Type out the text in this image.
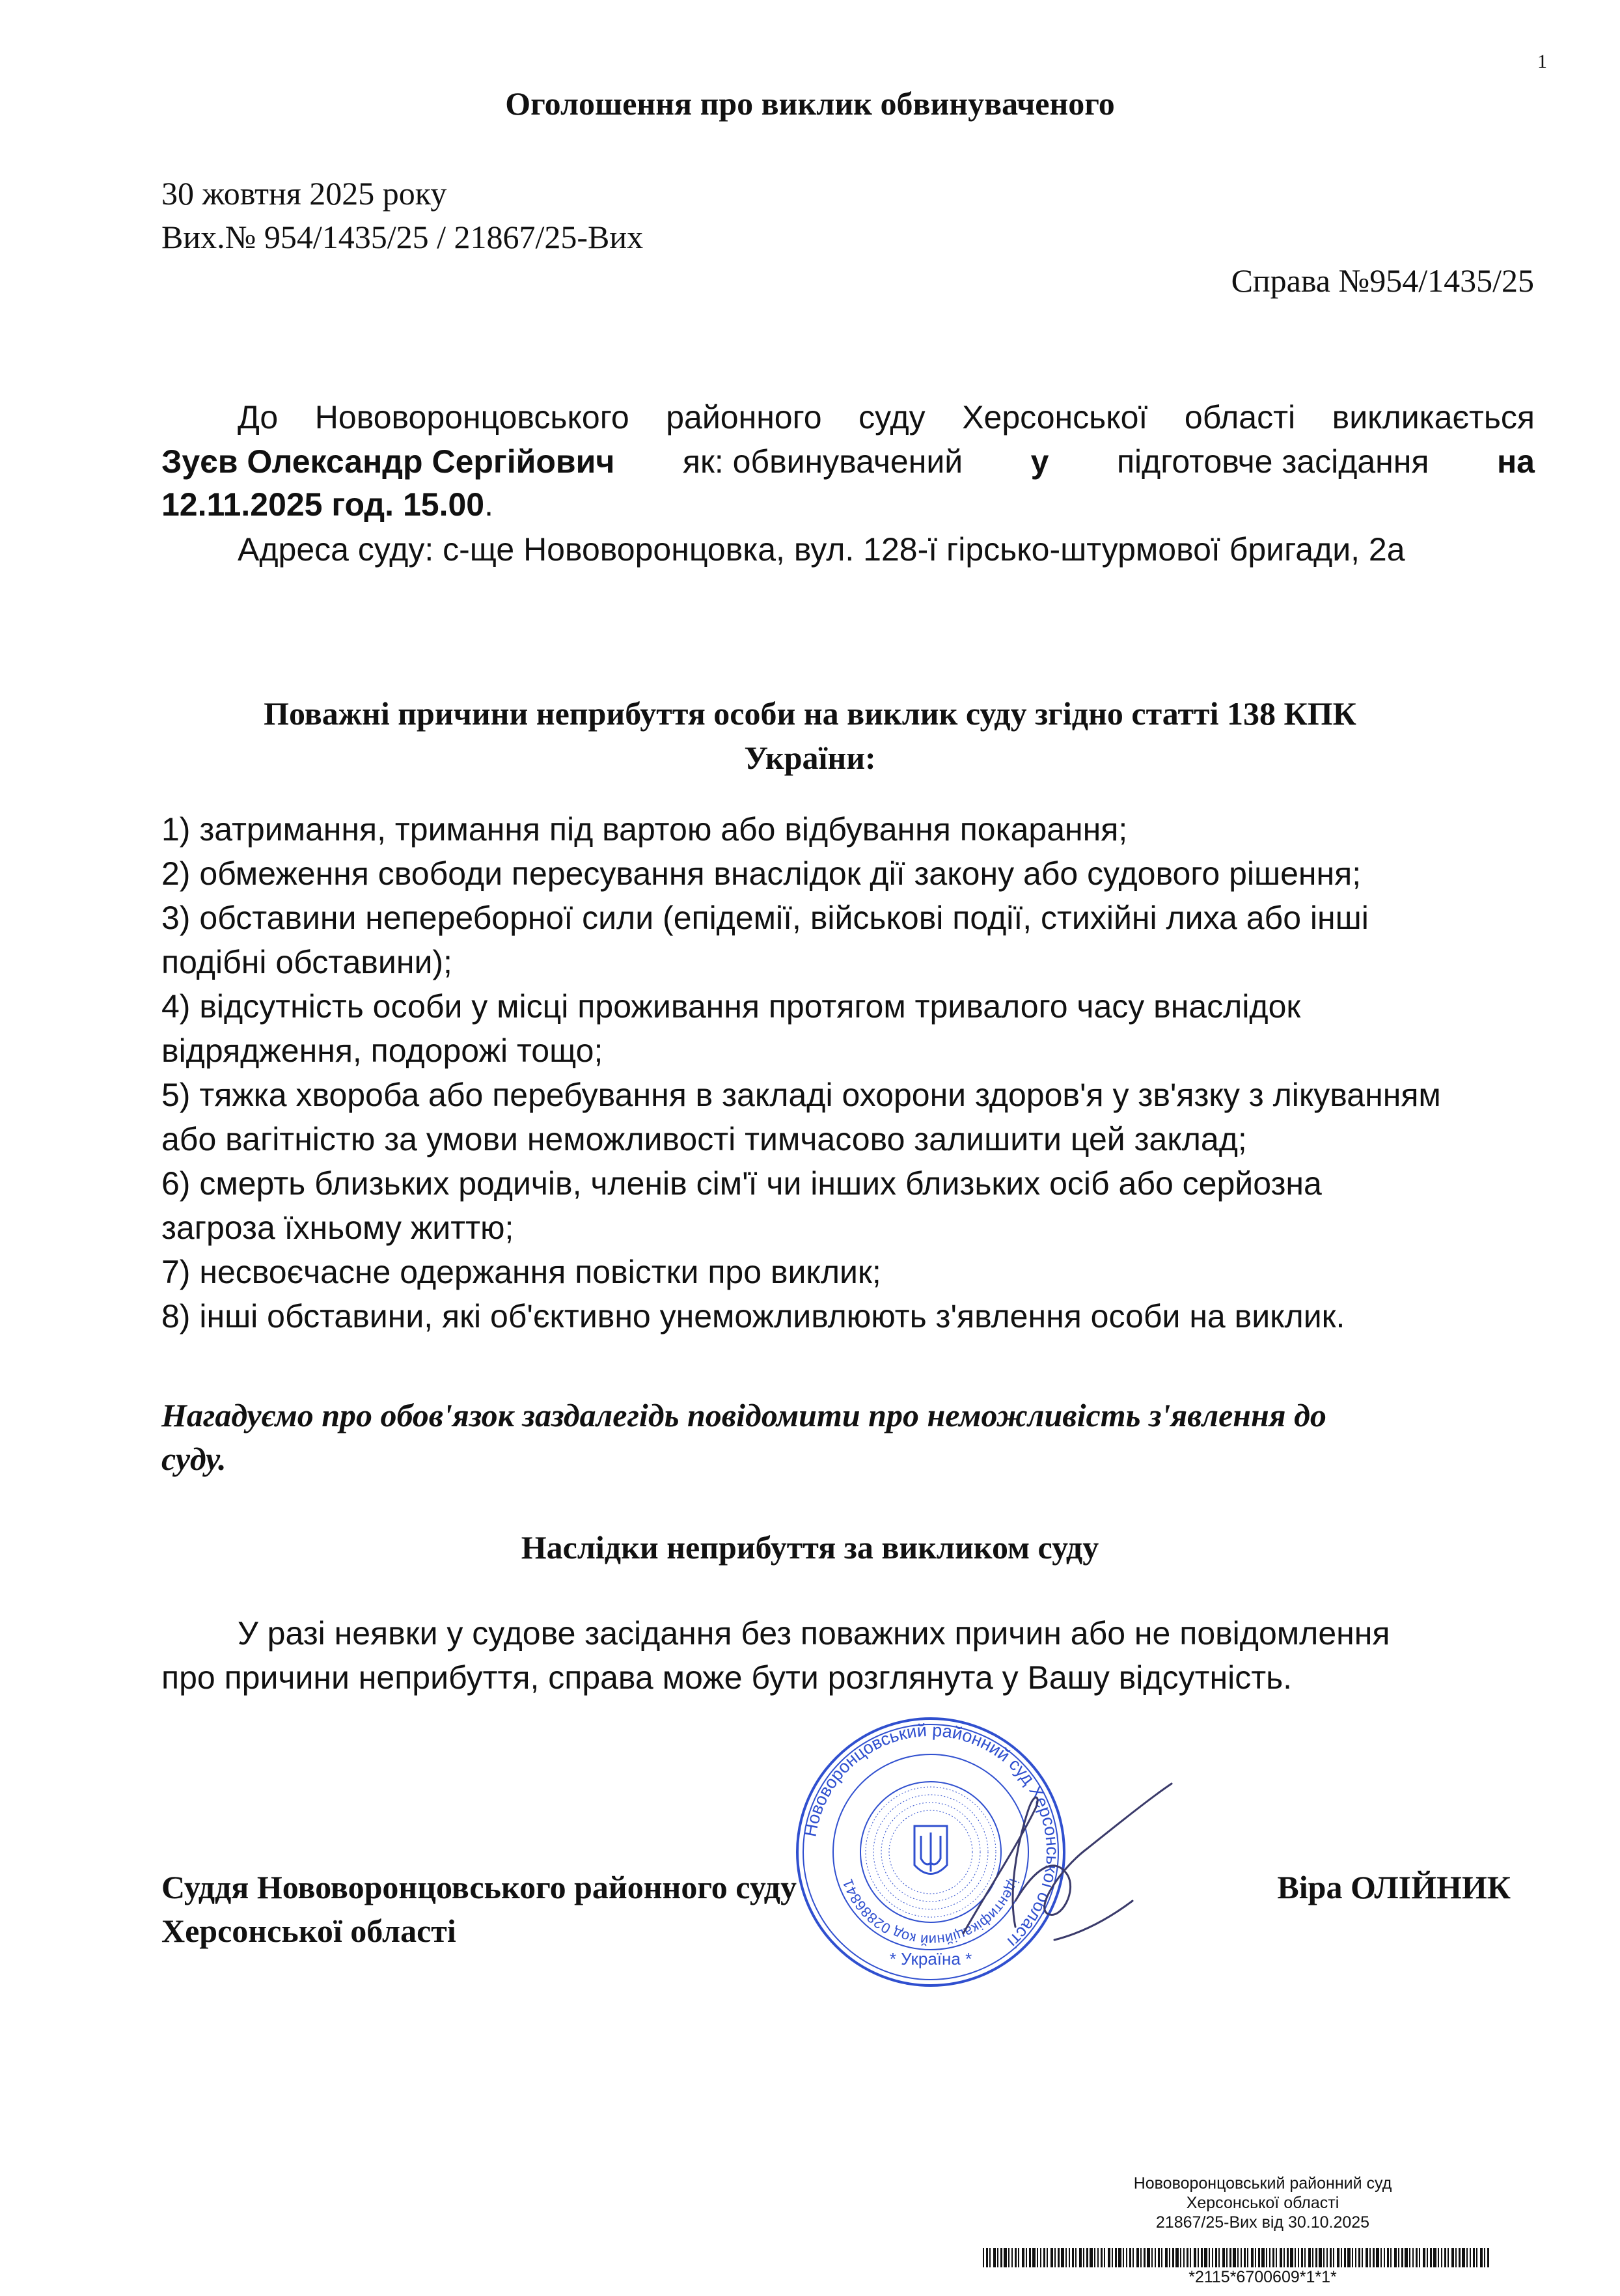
1
Оголошення про виклик обвинуваченого
30 жовтня 2025 року
Вих.№ 954/1435/25 / 21867/25-Вих
Справа №954/1435/25
До Нововоронцовського районного суду Херсонської області викликається
Зуєв Олександр Сергійович як: обвинувачений у підготовче засідання на
12.11.2025 год. 15.00.
Адреса суду: с-ще Нововоронцовка, вул. 128-ї гірсько-штурмової бригади, 2а
Поважні причини неприбуття особи на виклик суду згідно статті 138 КПК
України:
1) затримання, тримання під вартою або відбування покарання;
2) обмеження свободи пересування внаслідок дії закону або судового рішення;
3) обставини непереборної сили (епідемії, військові події, стихійні лиха або інші
подібні обставини);
4) відсутність особи у місці проживання протягом тривалого часу внаслідок
відрядження, подорожі тощо;
5) тяжка хвороба або перебування в закладі охорони здоров'я у зв'язку з лікуванням
або вагітністю за умови неможливості тимчасово залишити цей заклад;
6) смерть близьких родичів, членів сім'ї чи інших близьких осіб або серйозна
загроза їхньому життю;
7) несвоєчасне одержання повістки про виклик;
8) інші обставини, які об'єктивно унеможливлюють з'явлення особи на виклик.
Нагадуємо про обов'язок заздалегідь повідомити про неможливість з'явлення до
суду.
Наслідки неприбуття за викликом суду
У разі неявки у судове засідання без поважних причин або не повідомлення
про причини неприбуття, справа може бути розглянута у Вашу відсутність.
Нововоронцовський районний суд Херсонської області
ідентифікаційний код 02886841
* Україна *
Суддя Нововоронцовського районного суду
Херсонської області
Віра ОЛІЙНИК
Нововоронцовський районний суд
Херсонської області
21867/25-Вих від 30.10.2025
*2115*6700609*1*1*
